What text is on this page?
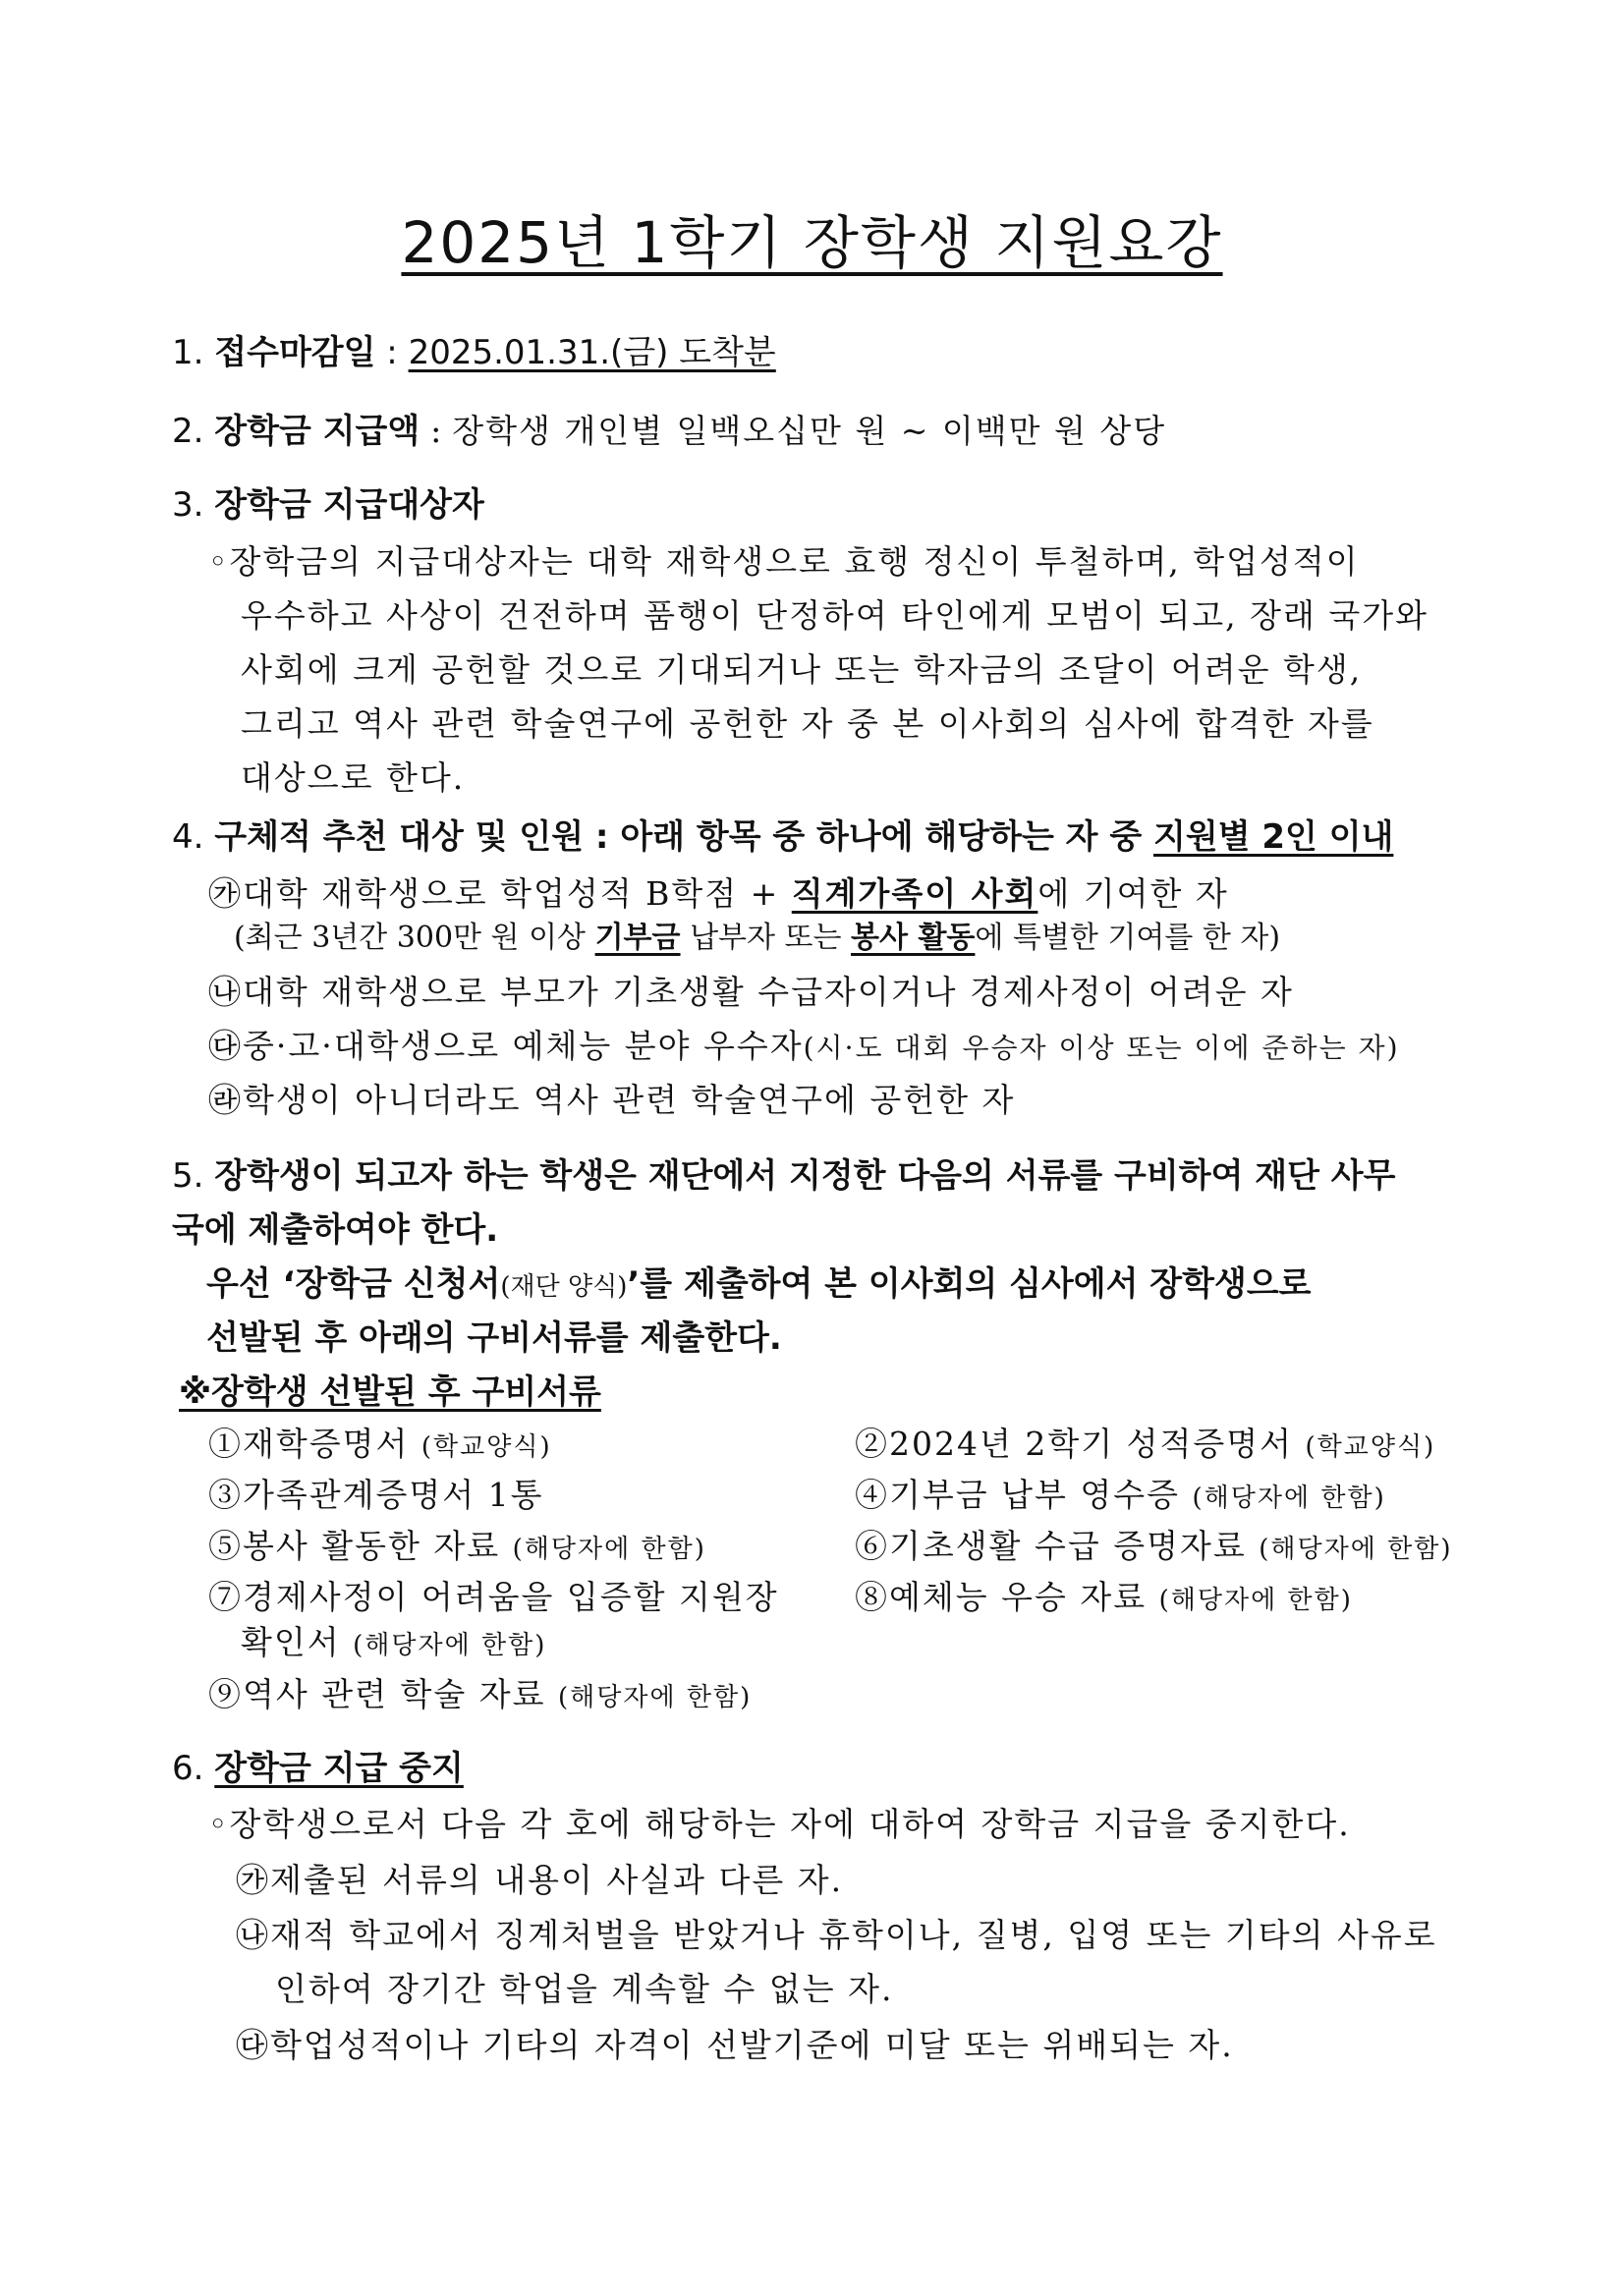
2025년 1학기 장학생 지원요강
1. 접수마감일 : 2025.01.31.(금) 도착분
2. 장학금 지급액 : 장학생 개인별 일백오십만 원 ~ 이백만 원 상당
3. 장학금 지급대상자
◦장학금의 지급대상자는 대학 재학생으로 효행 정신이 투철하며, 학업성적이
우수하고 사상이 건전하며 품행이 단정하여 타인에게 모범이 되고, 장래 국가와
사회에 크게 공헌할 것으로 기대되거나 또는 학자금의 조달이 어려운 학생,
그리고 역사 관련 학술연구에 공헌한 자 중 본 이사회의 심사에 합격한 자를
대상으로 한다.
4. 구체적 추천 대상 및 인원 : 아래 항목 중 하나에 해당하는 자 중 지원별 2인 이내
㉮대학 재학생으로 학업성적 B학점 + 직계가족이 사회에 기여한 자
(최근 3년간 300만 원 이상 기부금 납부자 또는 봉사 활동에 특별한 기여를 한 자)
㉯대학 재학생으로 부모가 기초생활 수급자이거나 경제사정이 어려운 자
㉰중·고·대학생으로 예체능 분야 우수자(시·도 대회 우승자 이상 또는 이에 준하는 자)
㉱학생이 아니더라도 역사 관련 학술연구에 공헌한 자
5. 장학생이 되고자 하는 학생은 재단에서 지정한 다음의 서류를 구비하여 재단 사무
국에 제출하여야 한다.
우선 ‘장학금 신청서(재단 양식)’를 제출하여 본 이사회의 심사에서 장학생으로
선발된 후 아래의 구비서류를 제출한다.
※장학생 선발된 후 구비서류
①재학증명서 (학교양식)	②2024년 2학기 성적증명서 (학교양식)
③가족관계증명서 1통	④기부금 납부 영수증 (해당자에 한함)
⑤봉사 활동한 자료 (해당자에 한함)	⑥기초생활 수급 증명자료 (해당자에 한함)
⑦경제사정이 어려움을 입증할 지원장 ⑧예체능 우승 자료 (해당자에 한함)
확인서 (해당자에 한함)
⑨역사 관련 학술 자료 (해당자에 한함)
6. 장학금 지급 중지
◦장학생으로서 다음 각 호에 해당하는 자에 대하여 장학금 지급을 중지한다.
㉮제출된 서류의 내용이 사실과 다른 자.
㉯재적 학교에서 징계처벌을 받았거나 휴학이나, 질병, 입영 또는 기타의 사유로
인하여 장기간 학업을 계속할 수 없는 자.
㉰학업성적이나 기타의 자격이 선발기준에 미달 또는 위배되는 자.
